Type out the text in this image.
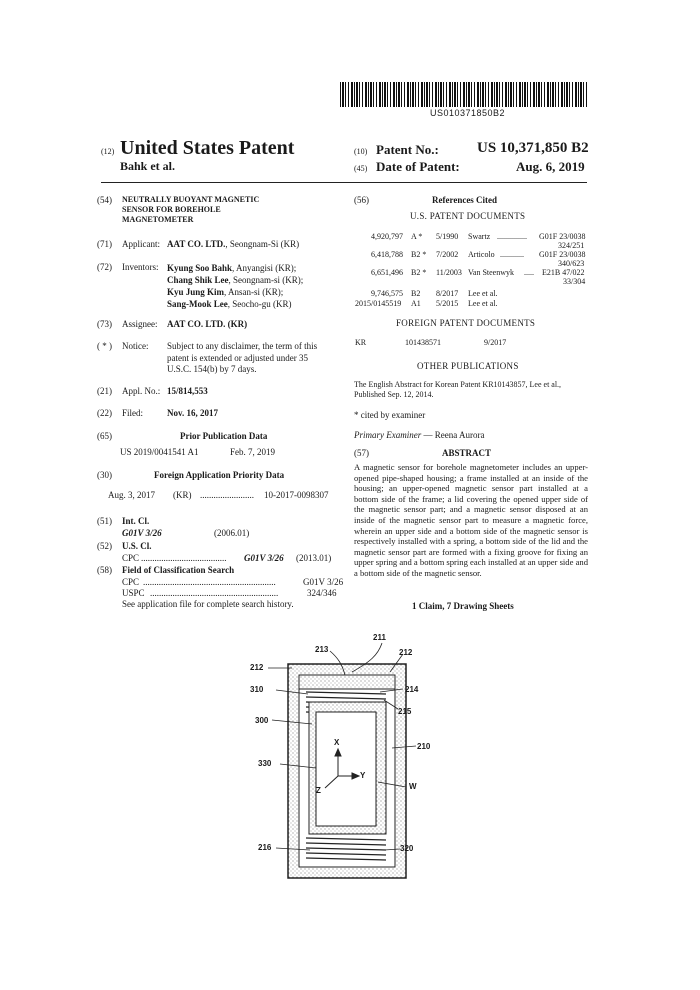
US010371850B2
(12) United States Patent
Bahk et al.
(10) Patent No.:	US 10,371,850 B2
(45) Date of Patent:	Aug. 6, 2019
(54) NEUTRALLY BUOYANT MAGNETIC
SENSOR FOR BOREHOLE
MAGNETOMETER
(71) Applicant: AAT CO. LTD., Seongnam-Si (KR)
(72) Inventors: Kyung Soo Bahk, Anyangisi (KR);
Chang Shik Lee, Seongnam-si (KR);
Kyu Jung Kim, Ansan-si (KR);
Sang-Mook Lee, Seocho-gu (KR)
(73) Assignee: AAT CO. LTD. (KR)
( * ) Notice: Subject to any disclaimer, the term of this
patent is extended or adjusted under 35
U.S.C. 154(b) by 7 days.
(21) Appl. No.: 15/814,553
(22) Filed:	Nov. 16, 2017
(65)	Prior Publication Data
US 2019/0041541 A1	Feb. 7, 2019
(30)	Foreign Application Priority Data
Aug. 3, 2017 (KR) ........................ 10-2017-0098307
(51) Int. Cl.
G01V 3/26	(2006.01)
(52) U.S. Cl.
CPC ...................................... G01V 3/26 (2013.01)
(58) Field of Classification Search
CPC ...........................................................	G01V 3/26
USPC .........................................................	324/346
See application file for complete search history.
(56)	References Cited
U.S. PATENT DOCUMENTS
4,920,797 A * 5/1990 Swartz ............... G01F 23/0038
324/251
6,418,788 B2 * 7/2002 Articolo ............ G01F 23/0038
340/623
6,651,496 B2 * 11/2003 Van Steenwyk ..... E21B 47/022
33/304
9,746,575 B2 8/2017 Lee et al.
2015/0145519 A1 5/2015 Lee et al.
FOREIGN PATENT DOCUMENTS
KR	101438571	9/2017
OTHER PUBLICATIONS
The English Abstract for Korean Patent KR10143857, Lee et al.,
Published Sep. 12, 2014.
* cited by examiner
Primary Examiner — Reena Aurora
(57)	ABSTRACT
A magnetic sensor for borehole magnetometer includes an upper-opened pipe-shaped housing; a frame installed at an inside of the housing; an upper-opened magnetic sensor part installed at a bottom side of the frame; a lid covering the opened upper side of the magnetic sensor part; and a magnetic sensor disposed at an inside of the magnetic sensor part to measure a magnetic force, wherein an upper side and a bottom side of the magnetic sensor is respectively installed with a spring, a bottom side of the lid and the magnetic sensor part are formed with a fixing groove for fixing an upper spring and a bottom spring each installed at an upper side and a bottom side of the magnetic sensor.
1 Claim, 7 Drawing Sheets
211
213
212
212
310	214
215
300
210
330
W
216	320
X
Y
Z
